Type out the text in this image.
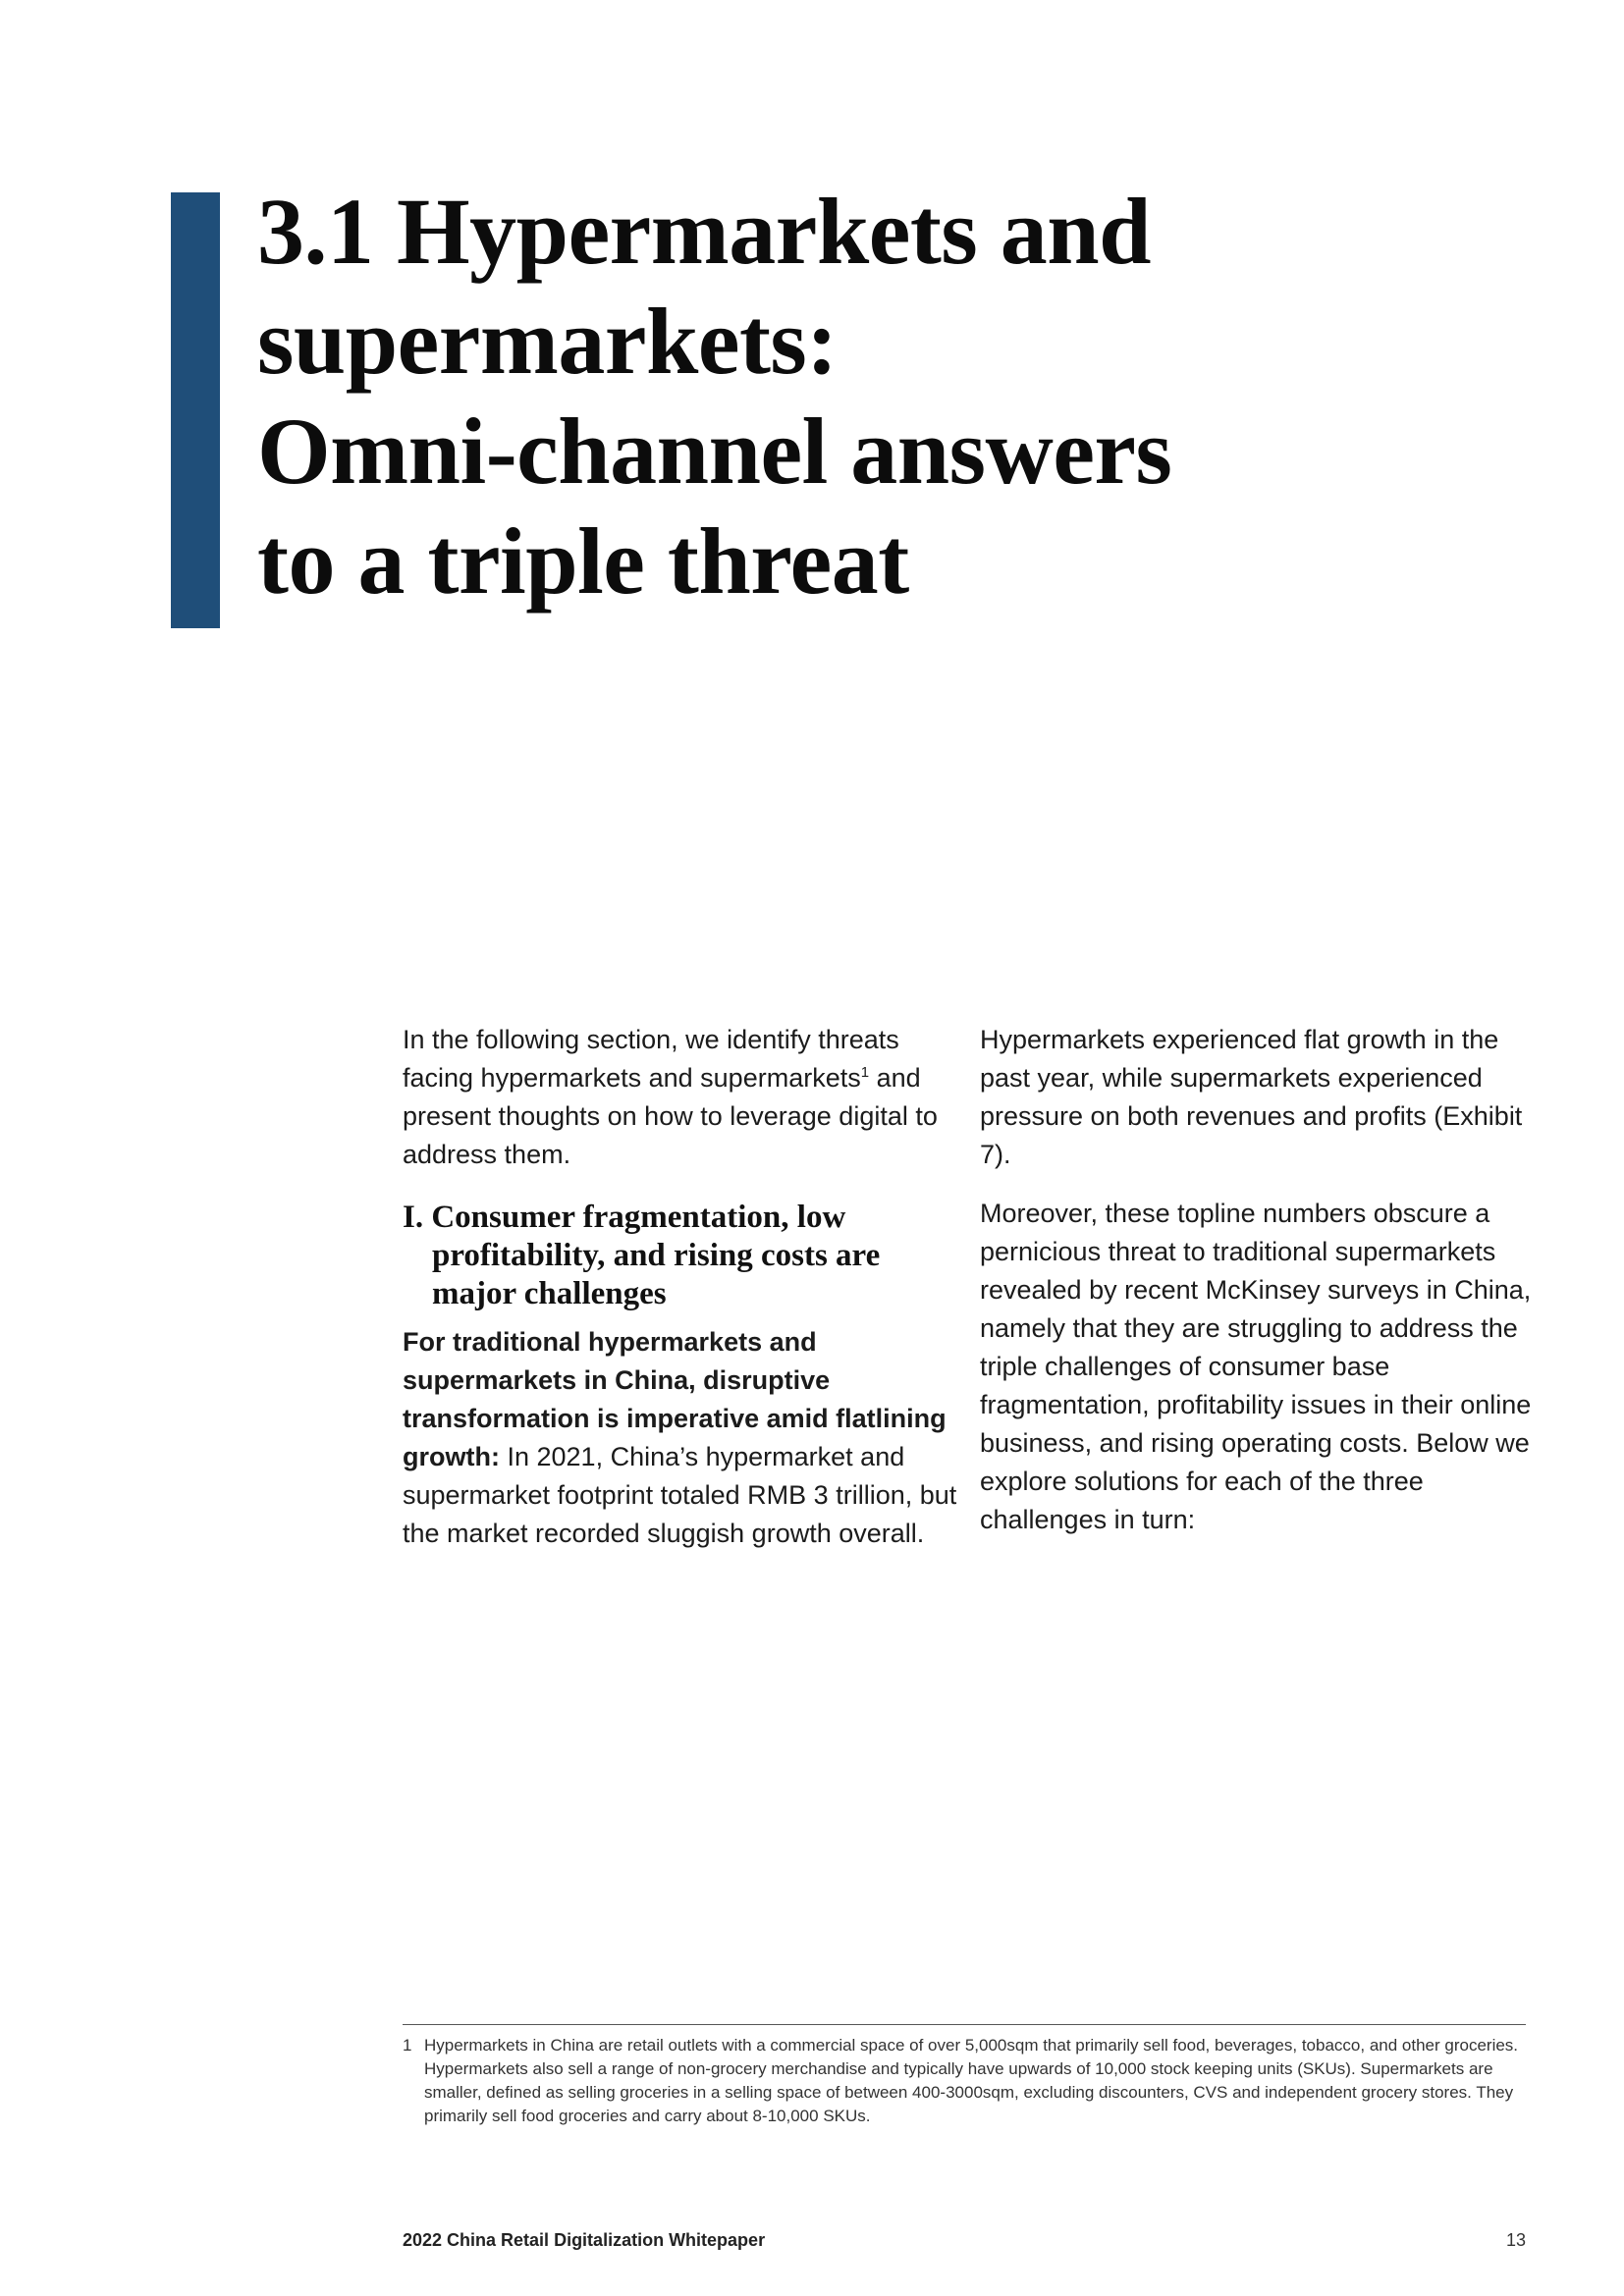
3.1 Hypermarkets and
supermarkets:
Omni-channel answers
to a triple threat

In the following section, we identify threats facing hypermarkets and supermarkets$^1$ and present thoughts on how to leverage digital to address them.

I. Consumer fragmentation, low profitability, and rising costs are major challenges

For traditional hypermarkets and supermarkets in China, disruptive transformation is imperative amid flatlining growth: In 2021, China’s hypermarket and supermarket footprint totaled RMB 3 trillion, but the market recorded sluggish growth overall.

Hypermarkets experienced flat growth in the past year, while supermarkets experienced pressure on both revenues and profits (Exhibit 7).

Moreover, these topline numbers obscure a pernicious threat to traditional supermarkets revealed by recent McKinsey surveys in China, namely that they are struggling to address the triple challenges of consumer base fragmentation, profitability issues in their online business, and rising operating costs. Below we explore solutions for each of the three challenges in turn:

1 Hypermarkets in China are retail outlets with a commercial space of over 5,000sqm that primarily sell food, beverages, tobacco, and other groceries. Hypermarkets also sell a range of non-grocery merchandise and typically have upwards of 10,000 stock keeping units (SKUs). Supermarkets are smaller, defined as selling groceries in a selling space of between 400-3000sqm, excluding discounters, CVS and independent grocery stores. They primarily sell food groceries and carry about 8-10,000 SKUs.
2022 China Retail Digitalization Whitepaper	13
